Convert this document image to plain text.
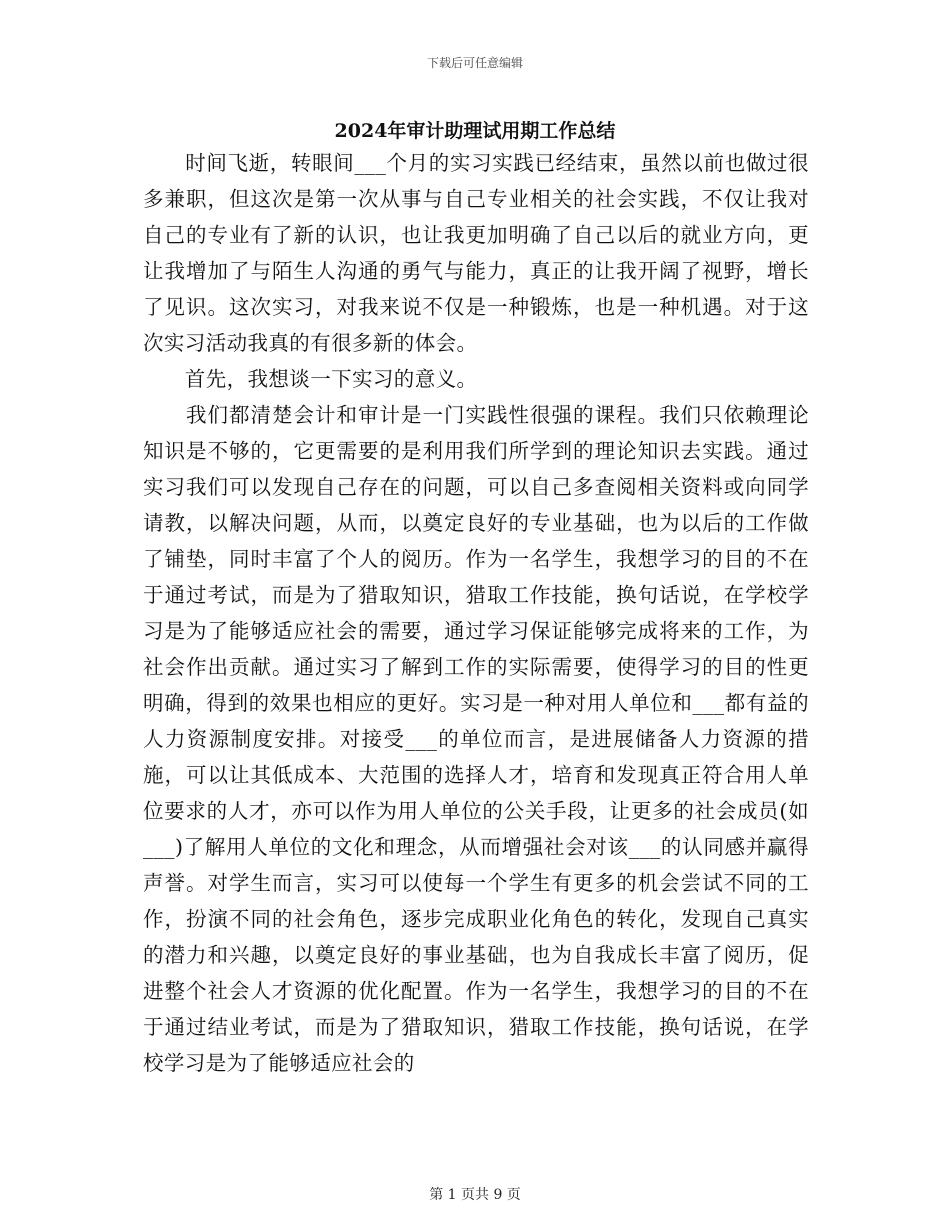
下载后可任意编辑
2024年审计助理试用期工作总结

　　时间飞逝，转眼间___个月的实习实践已经结束，虽然以前也做过很多兼职，但这次是第一次从事与自己专业相关的社会实践，不仅让我对自己的专业有了新的认识，也让我更加明确了自己以后的就业方向，更让我增加了与陌生人沟通的勇气与能力，真正的让我开阔了视野，增长了见识。这次实习，对我来说不仅是一种锻炼，也是一种机遇。对于这次实习活动我真的有很多新的体会。

　　首先，我想谈一下实习的意义。

　　我们都清楚会计和审计是一门实践性很强的课程。我们只依赖理论知识是不够的，它更需要的是利用我们所学到的理论知识去实践。通过实习我们可以发现自己存在的问题，可以自己多查阅相关资料或向同学请教，以解决问题，从而，以奠定良好的专业基础，也为以后的工作做了铺垫，同时丰富了个人的阅历。作为一名学生，我想学习的目的不在于通过考试，而是为了猎取知识，猎取工作技能，换句话说，在学校学习是为了能够适应社会的需要，通过学习保证能够完成将来的工作，为社会作出贡献。通过实习了解到工作的实际需要，使得学习的目的性更明确，得到的效果也相应的更好。实习是一种对用人单位和___都有益的人力资源制度安排。对接受___的单位而言，是进展储备人力资源的措施，可以让其低成本、大范围的选择人才，培育和发现真正符合用人单位要求的人才，亦可以作为用人单位的公关手段，让更多的社会成员(如___)了解用人单位的文化和理念，从而增强社会对该___的认同感并赢得声誉。对学生而言，实习可以使每一个学生有更多的机会尝试不同的工作，扮演不同的社会角色，逐步完成职业化角色的转化，发现自己真实的潜力和兴趣，以奠定良好的事业基础，也为自我成长丰富了阅历，促进整个社会人才资源的优化配置。作为一名学生，我想学习的目的不在于通过结业考试，而是为了猎取知识，猎取工作技能，换句话说，在学校学习是为了能够适应社会的

第 1 页共 9 页
